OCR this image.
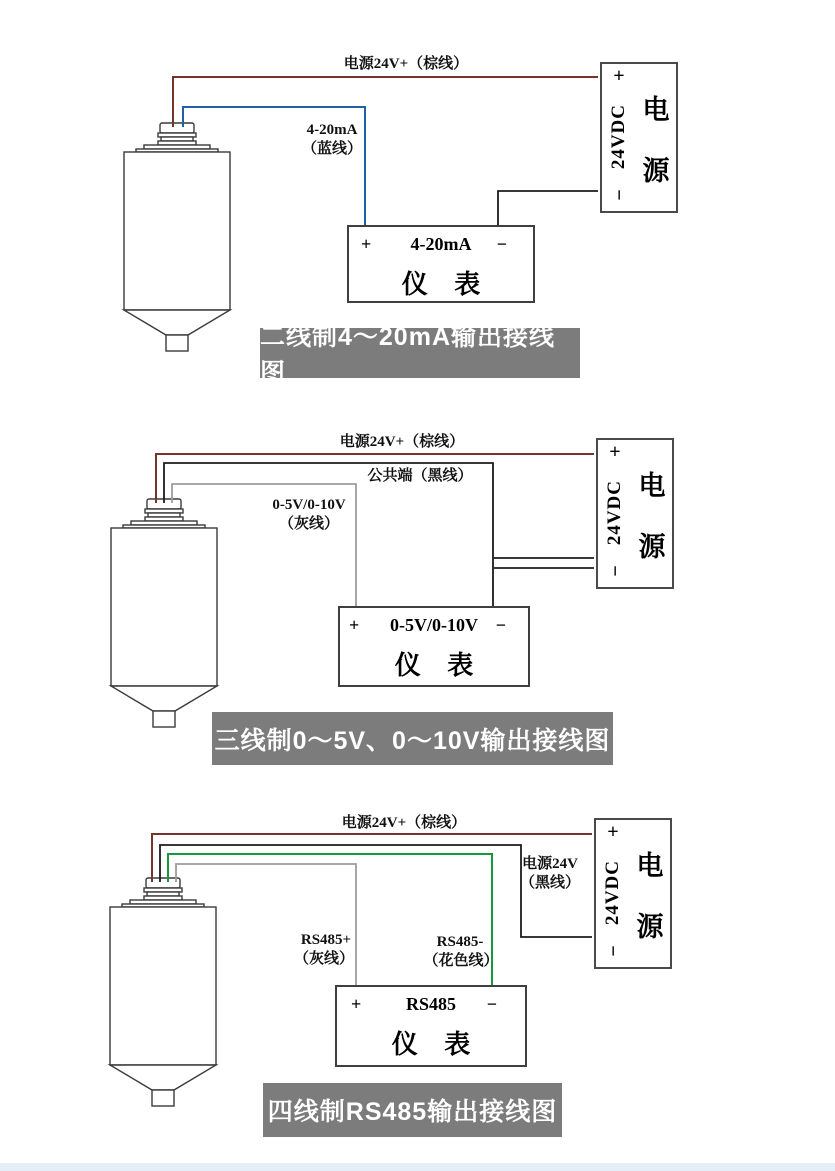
电源24V+（棕线）
4-20mA
（蓝线）
+
24VDC
−
电
源
+	4-20mA	−
仪 表
二线制4～20mA输出接线图
电源24V+（棕线）
公共端（黑线）
0-5V/0-10V
（灰线）
+
24VDC
−
电
源
+	0-5V/0-10V −
仪 表
三线制0～5V、0～10V输出接线图
电源24V+（棕线）
电源24V
（黑线）
RS485+
（灰线）
RS485-
（花色线）
+
24VDC
−
电
源
+	RS485	−
仪 表
四线制RS485输出接线图
